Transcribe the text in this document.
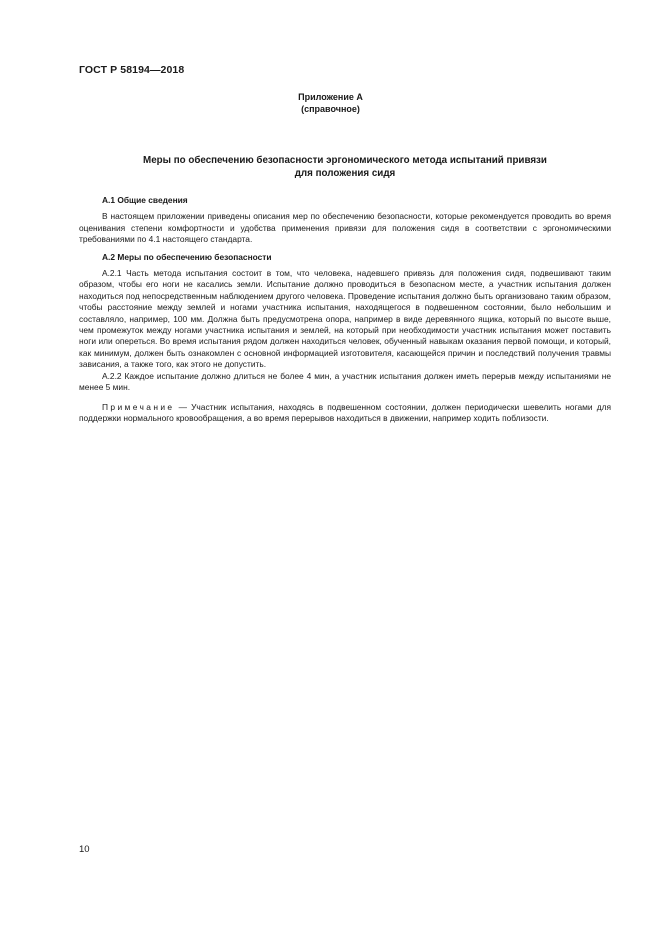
ГОСТ Р 58194—2018
Приложение А
(справочное)
Меры по обеспечению безопасности эргономического метода испытаний привязи
для положения сидя
А.1 Общие сведения

В настоящем приложении приведены описания мер по обеспечению безопасности, которые рекомендуется проводить во время оценивания степени комфортности и удобства применения привязи для положения сидя в соответствии с эргономическими требованиями по 4.1 настоящего стандарта.

А.2 Меры по обеспечению безопасности

А.2.1 Часть метода испытания состоит в том, что человека, надевшего привязь для положения сидя, подвешивают таким образом, чтобы его ноги не касались земли. Испытание должно проводиться в безопасном месте, а участник испытания должен находиться под непосредственным наблюдением другого человека. Проведение испытания должно быть организовано таким образом, чтобы расстояние между землей и ногами участника испытания, находящегося в подвешенном состоянии, было небольшим и составляло, например, 100 мм. Должна быть предусмотрена опора, например в виде деревянного ящика, который по высоте выше, чем промежуток между ногами участника испытания и землей, на который при необходимости участник испытания может поставить ноги или опереться. Во время испытания рядом должен находиться человек, обученный навыкам оказания первой помощи, и который, как минимум, должен быть ознакомлен с основной информацией изготовителя, касающейся причин и последствий получения травмы зависания, а также того, как этого не допустить.

А.2.2 Каждое испытание должно длиться не более 4 мин, а участник испытания должен иметь перерыв между испытаниями не менее 5 мин.

Примечание — Участник испытания, находясь в подвешенном состоянии, должен периодически шевелить ногами для поддержки нормального кровообращения, а во время перерывов находиться в движении, например ходить поблизости.

10
